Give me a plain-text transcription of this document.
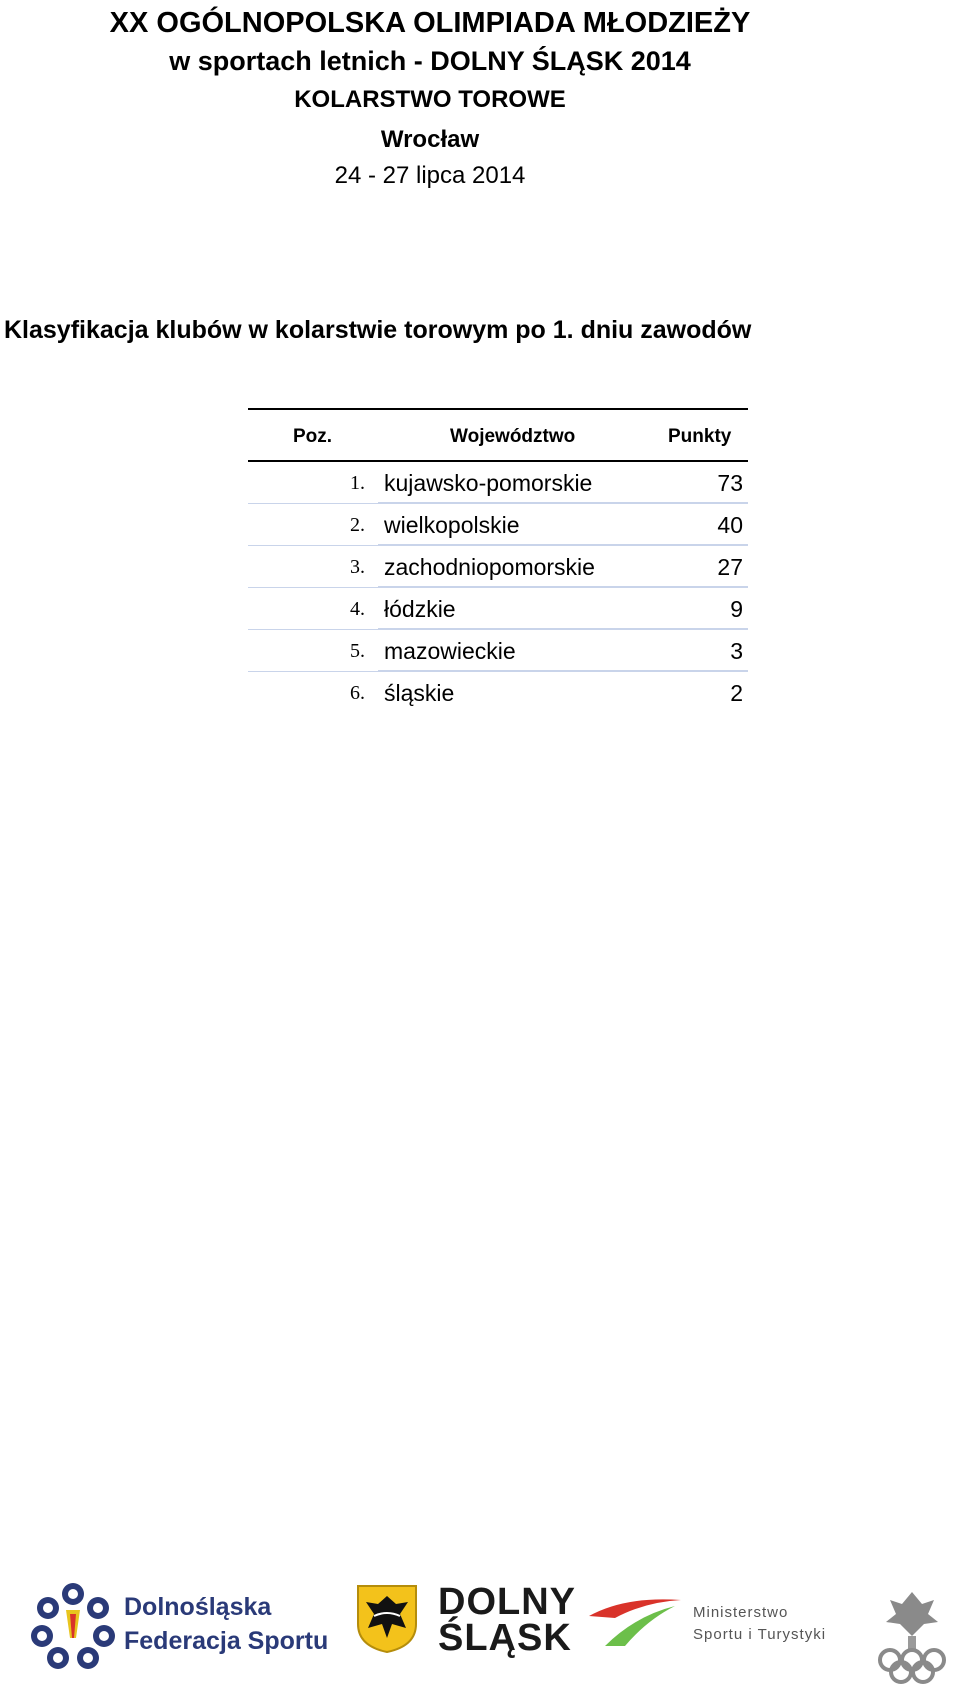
XX OGÓLNOPOLSKA OLIMPIADA MŁODZIEŻY
w sportach letnich - DOLNY ŚLĄSK 2014
KOLARSTWO TOROWE
Wrocław
24 - 27 lipca 2014
Klasyfikacja klubów w kolarstwie torowym po 1. dniu zawodów
Poz.	Województwo	Punkty
1. kujawsko-pomorskie	73
2. wielkopolskie	40
3. zachodniopomorskie	27
4. łódzkie	9
5. mazowieckie	3
6. śląskie	2
Dolnośląska
Federacja Sportu
DOLNY
ŚLĄSK
Ministerstwo
Sportu i Turystyki
